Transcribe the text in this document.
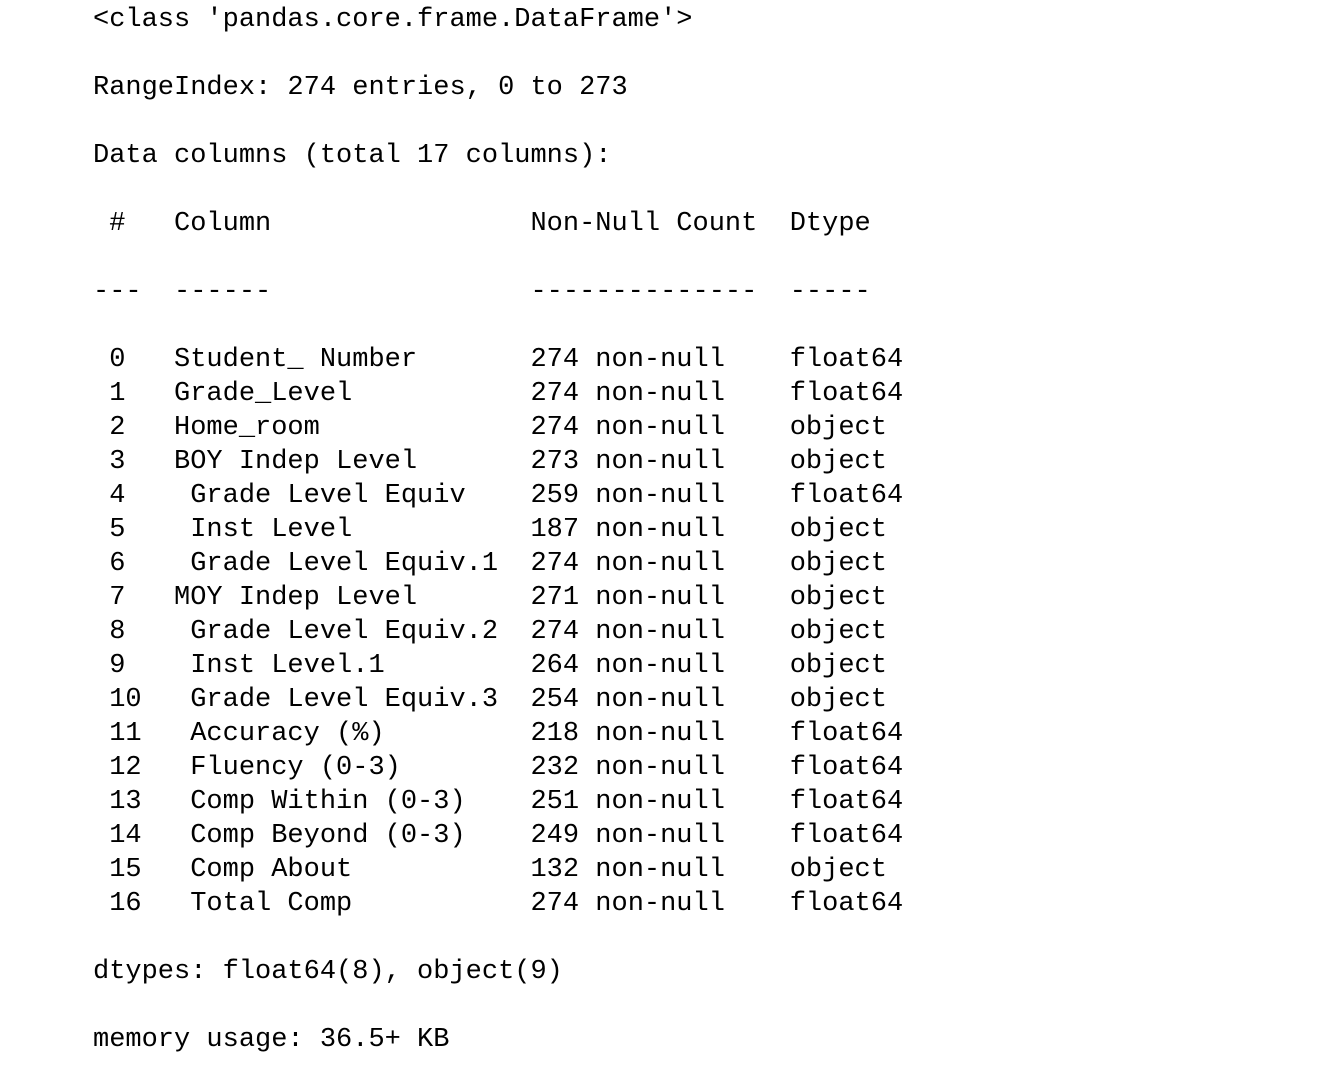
<class 'pandas.core.frame.DataFrame'>

RangeIndex: 274 entries, 0 to 273

Data columns (total 17 columns):

#   Column                Non-Null Count  Dtype

---  ------                --------------  -----

0   Student_ Number       274 non-null    float64
1   Grade_Level           274 non-null    float64
2   Home_room             274 non-null    object
3   BOY Indep Level       273 non-null    object
4    Grade Level Equiv    259 non-null    float64
5    Inst Level           187 non-null    object
6    Grade Level Equiv.1  274 non-null    object
7   MOY Indep Level       271 non-null    object
8    Grade Level Equiv.2  274 non-null    object
9    Inst Level.1         264 non-null    object
10   Grade Level Equiv.3  254 non-null    object
11   Accuracy (%)         218 non-null    float64
12   Fluency (0-3)        232 non-null    float64
13   Comp Within (0-3)    251 non-null    float64
14   Comp Beyond (0-3)    249 non-null    float64
15   Comp About           132 non-null    object
16   Total Comp           274 non-null    float64

dtypes: float64(8), object(9)

memory usage: 36.5+ KB
